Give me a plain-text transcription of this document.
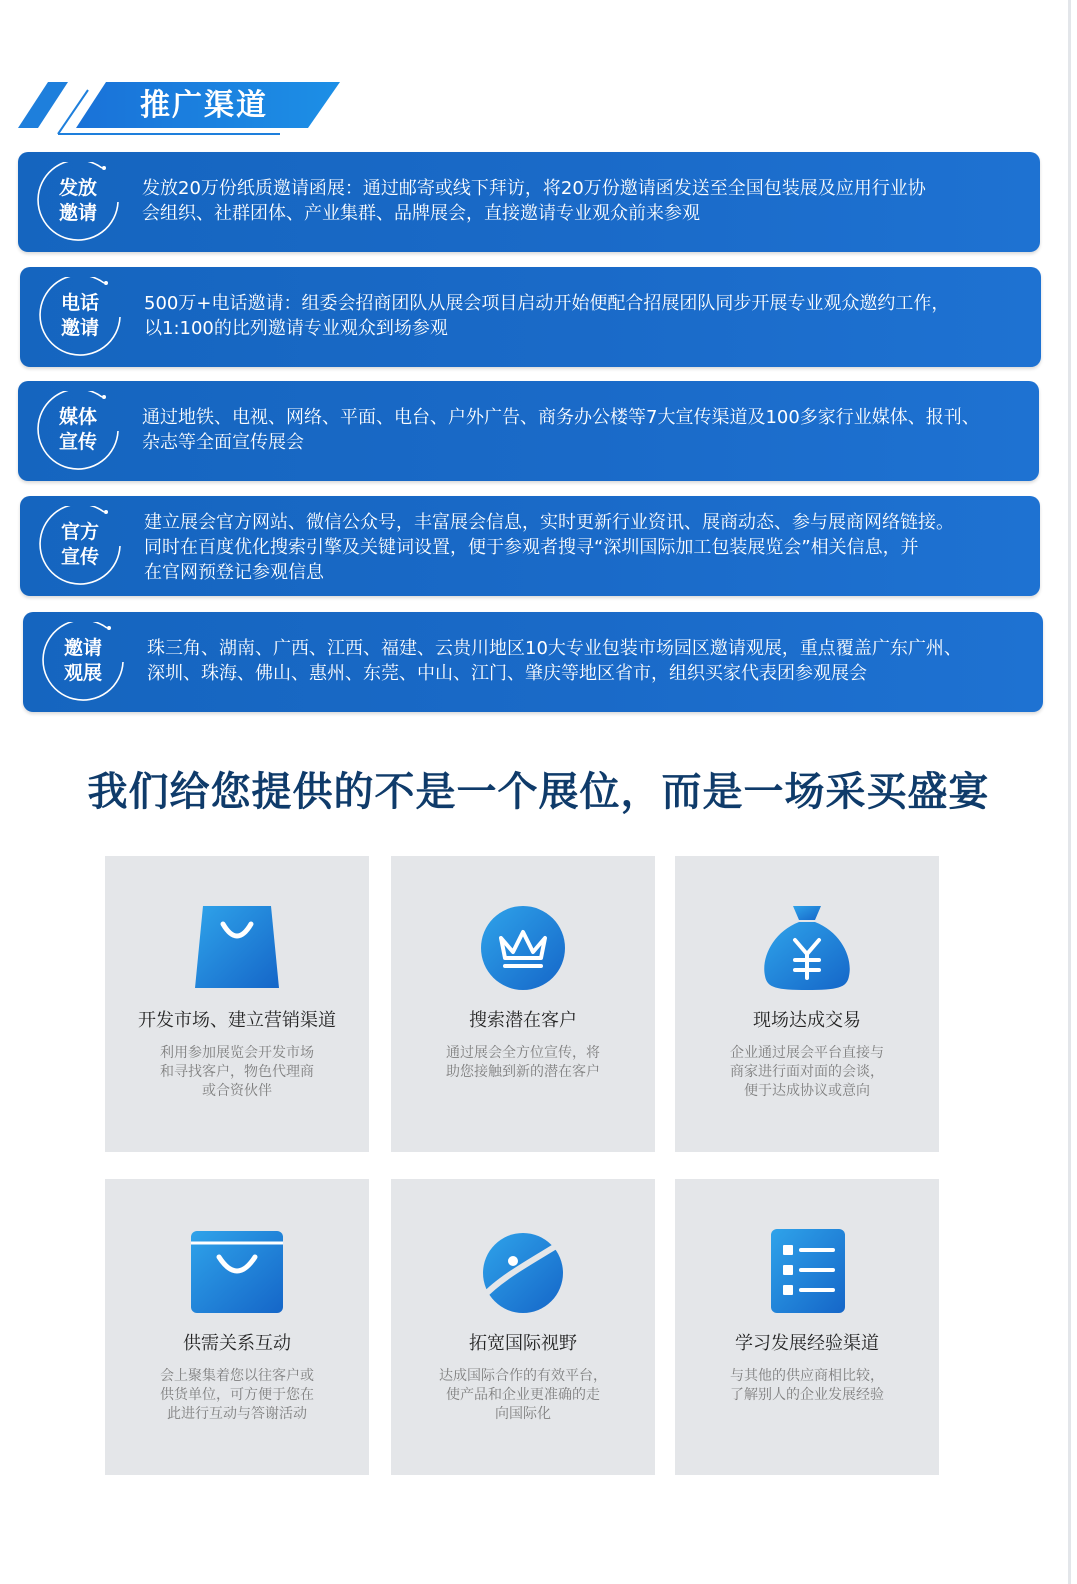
推广渠道
发放
邀请
发放20万份纸质邀请函展：通过邮寄或线下拜访，将20万份邀请函发送至全国包装展及应用行业协
会组织、社群团体、产业集群、品牌展会，直接邀请专业观众前来参观
电话
邀请
500万+电话邀请：组委会招商团队从展会项目启动开始便配合招展团队同步开展专业观众邀约工作，
以1:100的比列邀请专业观众到场参观
媒体
宣传
通过地铁、电视、网络、平面、电台、户外广告、商务办公楼等7大宣传渠道及100多家行业媒体、报刊、
杂志等全面宣传展会
官方
宣传
建立展会官方网站、微信公众号，丰富展会信息，实时更新行业资讯、展商动态、参与展商网络链接。
同时在百度优化搜索引擎及关键词设置，便于参观者搜寻“深圳国际加工包装展览会”相关信息，并
在官网预登记参观信息
邀请
观展
珠三角、湖南、广西、江西、福建、云贵川地区10大专业包装市场园区邀请观展，重点覆盖广东广州、
深圳、珠海、佛山、惠州、东莞、中山、江门、肇庆等地区省市，组织买家代表团参观展会
我们给您提供的不是一个展位，而是一场采买盛宴
开发市场、建立营销渠道
利用参加展览会开发市场
和寻找客户，物色代理商
或合资伙伴
搜索潜在客户
通过展会全方位宣传，将
助您接触到新的潜在客户
现场达成交易
企业通过展会平台直接与
商家进行面对面的会谈，
便于达成协议或意向
供需关系互动
会上聚集着您以往客户或
供货单位，可方便于您在
此进行互动与答谢活动
拓宽国际视野
达成国际合作的有效平台，
使产品和企业更准确的走
向国际化
学习发展经验渠道
与其他的供应商相比较，
了解别人的企业发展经验
